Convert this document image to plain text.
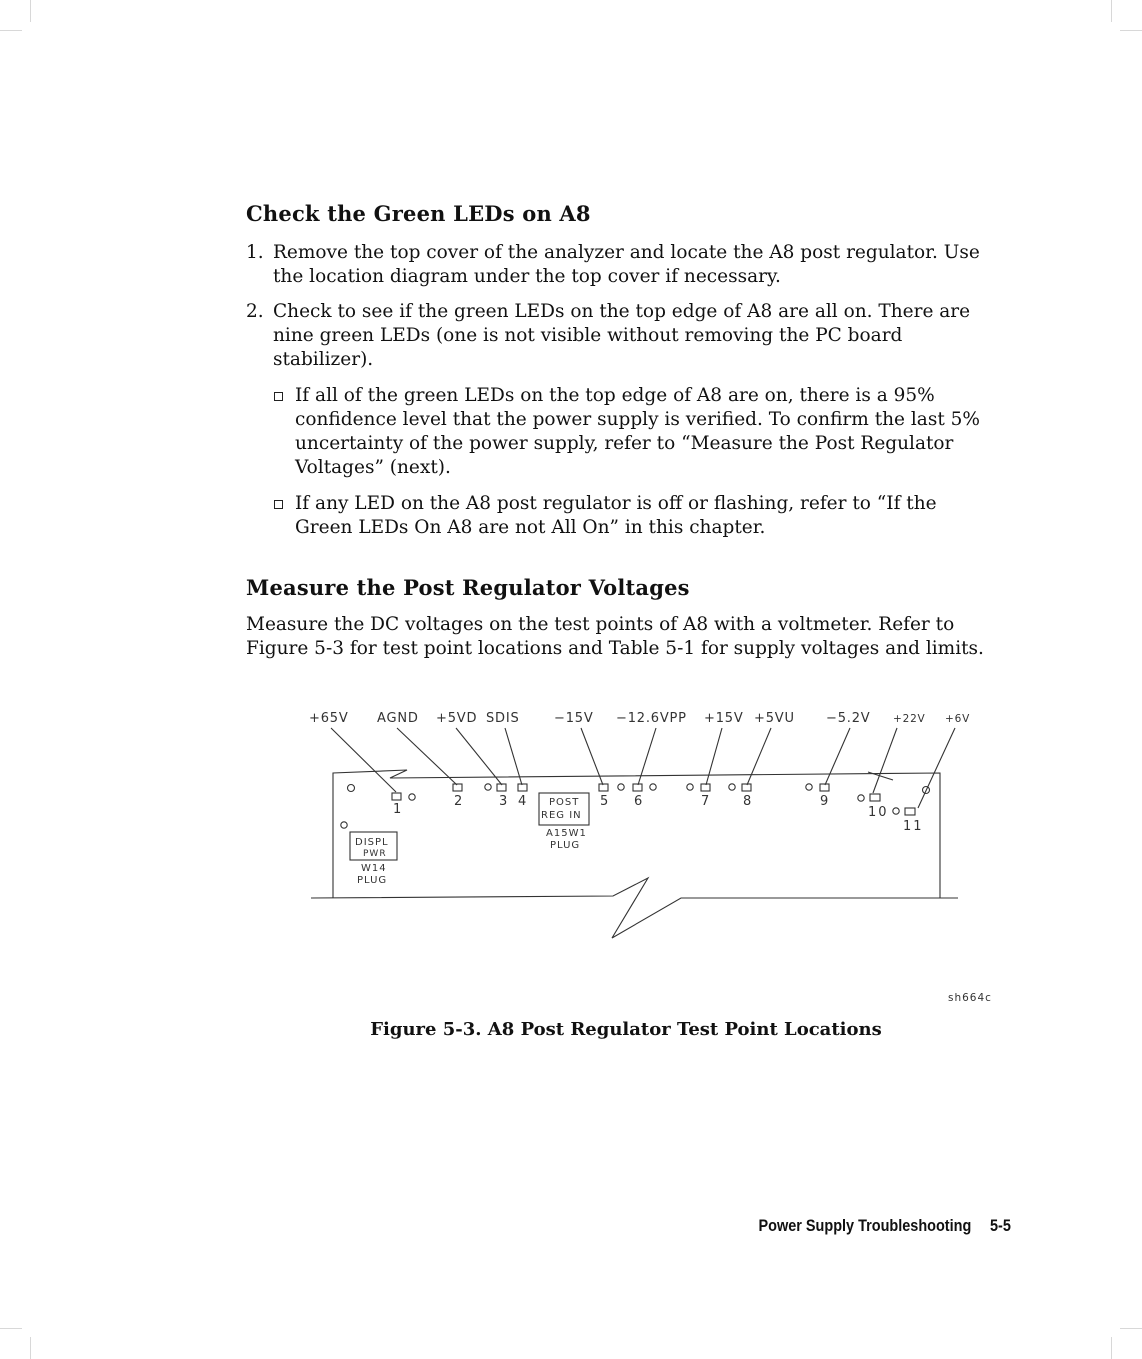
Check the Green LEDs on A8
1. Remove the top cover of the analyzer and locate the A8 post regulator. Use the location diagram under the top cover if necessary.
2. Check to see if the green LEDs on the top edge of A8 are all on. There are nine green LEDs (one is not visible without removing the PC board stabilizer).
If all of the green LEDs on the top edge of A8 are on, there is a 95% confidence level that the power supply is verified. To confirm the last 5% uncertainty of the power supply, refer to “Measure the Post Regulator Voltages” (next).
If any LED on the A8 post regulator is off or flashing, refer to “If the Green LEDs On A8 are not All On” in this chapter.
Measure the Post Regulator Voltages

Measure the DC voltages on the test points of A8 with a voltmeter. Refer to Figure 5-3 for test point locations and Table 5-1 for supply voltages and limits.

+65V AGND +5VD SDIS	−15V −12.6VPP +15V +5VU −5.2V +22V +6V
1
2	3 4	5 6	7	8	9
10
11
POST
REG IN
A15W1
PLUG
DISPL
PWR
W14
PLUG
sh664c
Figure 5-3. A8 Post Regulator Test Point Locations
Power Supply Troubleshooting 5-5
